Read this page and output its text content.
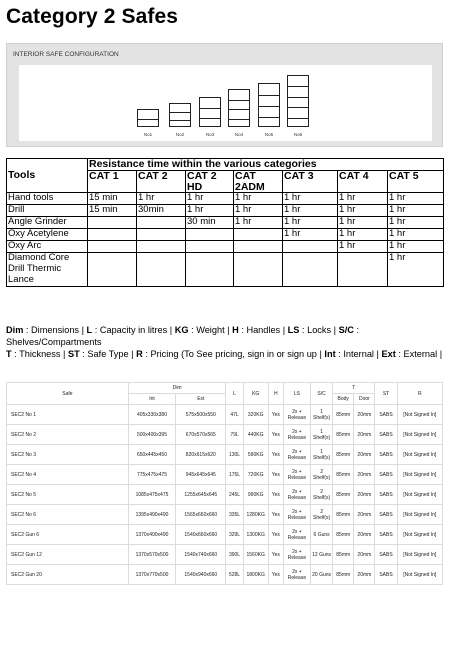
Category 2 Safes
INTERIOR SAFE CONFIGURATION
No1	No2	No3	No4	No5	No6
Tools	Resistance time within the various categories						
	CAT 1	CAT 2	CAT 2 HD	CAT 2ADM	CAT 3	CAT 4	CAT 5
Hand tools	15 min	1 hr	1 hr	1 hr	1 hr	1 hr	1 hr
Drill	15 min	30min	1 hr	1 hr	1 hr	1 hr	1 hr
Angle Grinder			30 min	1 hr	1 hr	1 hr	1 hr
Oxy Acetylene					1 hr	1 hr	1 hr
Oxy Arc						1 hr	1 hr
Diamond Core Drill Thermic Lance							1 hr
Dim : Dimensions | L : Capacity in litres | KG : Weight | H : Handles | LS : Locks | S/C : Shelves/Compartments
T : Thickness | ST : Safe Type | R : Pricing (To See pricing, sign in or sign up | Int : Internal | Ext : External |
Safe	Dim		L	KG	H	LS	S/C	T		ST	R
	Int	Ext						Body	Door		
SEC2 No 1	405x330x380	575x500x550	47L	320KG	Yes	2x + Release	1 Shelf(s)	85mm	20mm	SABS	[Not Signed In]
SEC2 No 2	500x400x395	670x570x565	79L	440KG	Yes	2x + Release	1 Shelf(s)	85mm	20mm	SABS	[Not Signed In]
SEC2 No 3	650x445x450	820x615x620	130L	590KG	Yes	2x + Release	1 Shelf(s)	85mm	20mm	SABS	[Not Signed In]
SEC2 No 4	775x475x475	945x645x645	175L	720KG	Yes	2x + Release	2 Shelf(s)	85mm	20mm	SABS	[Not Signed In]
SEC2 No 5	1085x475x475	1255x645x645	245L	990KG	Yes	2x + Release	2 Shelf(s)	85mm	20mm	SABS	[Not Signed In]
SEC2 No 6	1395x490x490	1565x660x660	335L	1280KG	Yes	2x + Release	2 Shelf(s)	85mm	20mm	SABS	[Not Signed In]
SEC2 Gun 6	1370x490x490	1540x660x660	329L	1300KG	Yes	2x + Release	6 Guns	85mm	20mm	SABS	[Not Signed In]
SEC2 Gun 12	1370x570x500	1540x740x660	390L	1560KG	Yes	2x + Release	12 Guns	85mm	20mm	SABS	[Not Signed In]
SEC2 Gun 20	1370x770x500	1540x940x660	528L	1800KG	Yes	2x + Release	20 Guns	85mm	20mm	SABS	[Not Signed In]
